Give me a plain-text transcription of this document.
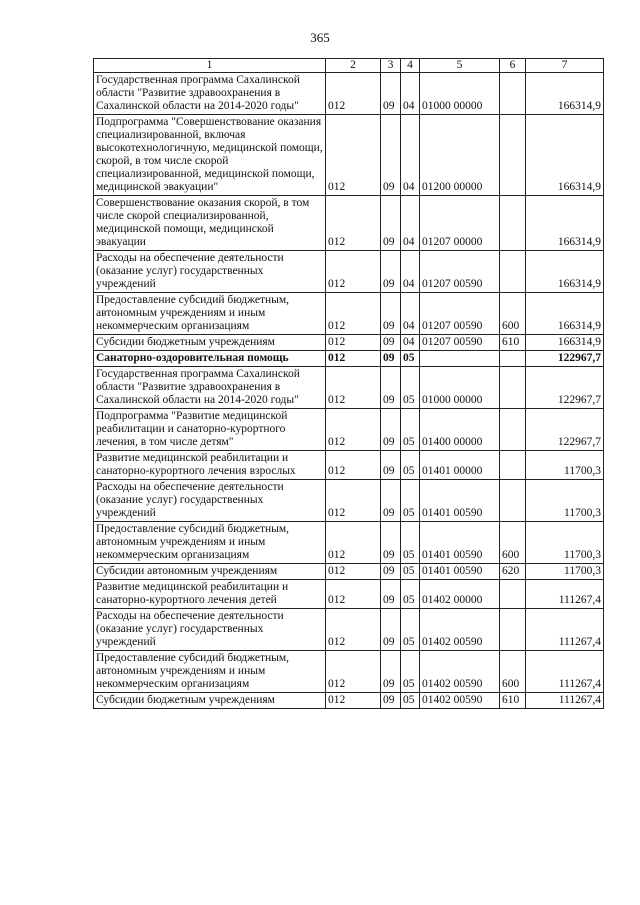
365
1	2	3	4	5	6	7
Государственная программа Сахалинской области "Развитие здравоохранения в Сахалинской области на 2014-2020 годы"	012	09	04	01000 00000		166314,9
Подпрограмма "Совершенствование оказания специализированной, включая высокотехнологичную, медицинской помощи, скорой, в том числе скорой специализированной, медицинской помощи, медицинской эвакуации"	012	09	04	01200 00000		166314,9
Совершенствование оказания скорой, в том числе скорой специализированной, медицинской помощи, медицинской эвакуации	012	09	04	01207 00000		166314,9
Расходы на обеспечение деятельности (оказание услуг) государственных учреждений	012	09	04	01207 00590		166314,9
Предоставление субсидий бюджетным, автономным учреждениям и иным некоммерческим организациям	012	09	04	01207 00590	600	166314,9
Субсидии бюджетным учреждениям	012	09	04	01207 00590	610	166314,9
Санаторно-оздоровительная помощь	012	09	05			122967,7
Государственная программа Сахалинской области "Развитие здравоохранения в Сахалинской области на 2014-2020 годы"	012	09	05	01000 00000		122967,7
Подпрограмма "Развитие медицинской реабилитации и санаторно-курортного лечения, в том числе детям"	012	09	05	01400 00000		122967,7
Развитие медицинской реабилитации и санаторно-курортного лечения взрослых	012	09	05	01401 00000		11700,3
Расходы на обеспечение деятельности (оказание услуг) государственных учреждений	012	09	05	01401 00590		11700,3
Предоставление субсидий бюджетным, автономным учреждениям и иным некоммерческим организациям	012	09	05	01401 00590	600	11700,3
Субсидии автономным учреждениям	012	09	05	01401 00590	620	11700,3
Развитие медицинской реабилитации и санаторно-курортного лечения детей	012	09	05	01402 00000		111267,4
Расходы на обеспечение деятельности (оказание услуг) государственных учреждений	012	09	05	01402 00590		111267,4
Предоставление субсидий бюджетным, автономным учреждениям и иным некоммерческим организациям	012	09	05	01402 00590	600	111267,4
Субсидии бюджетным учреждениям	012	09	05	01402 00590	610	111267,4
